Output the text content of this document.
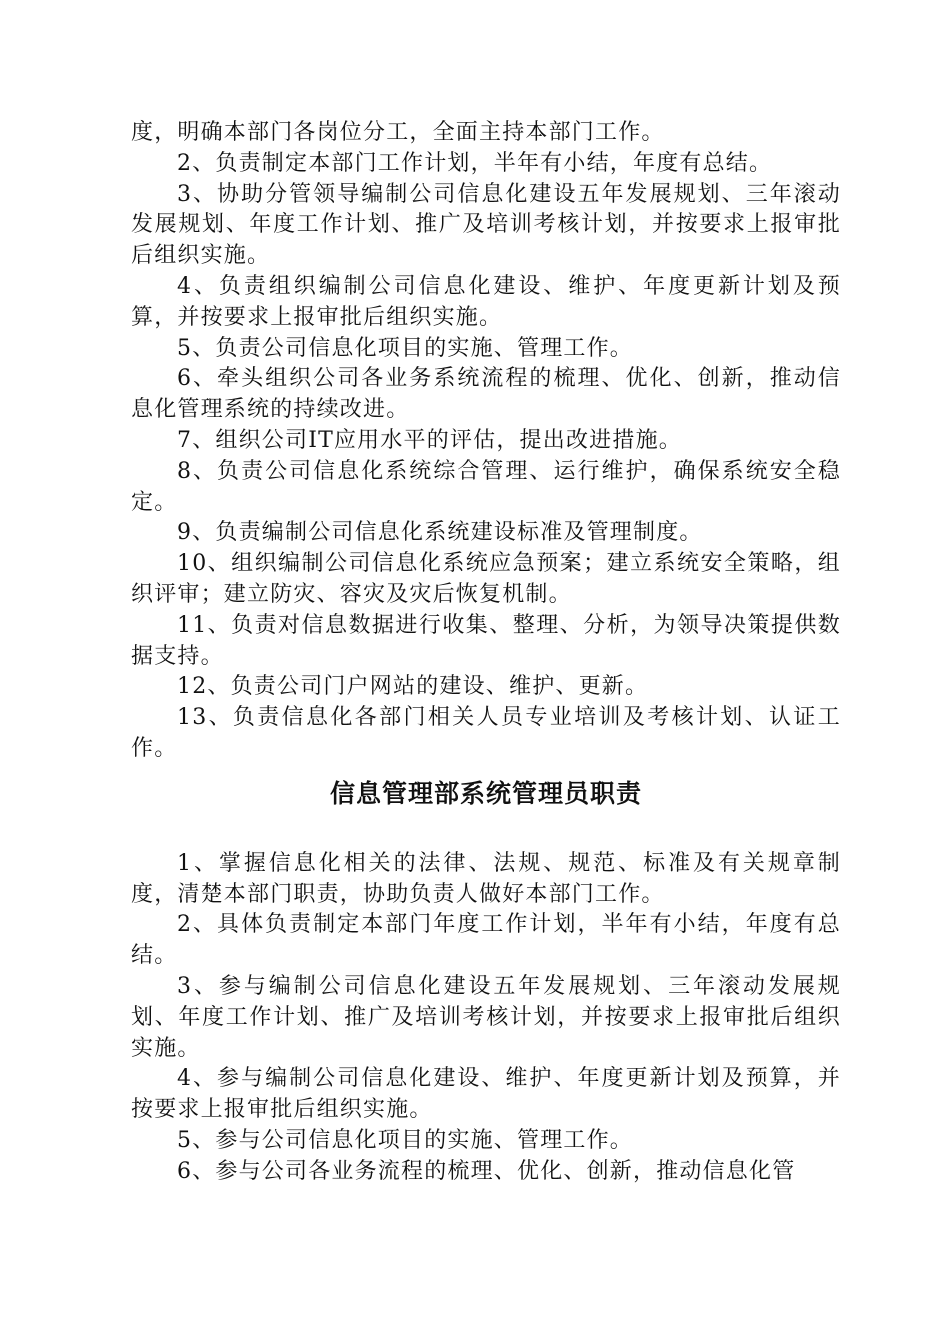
度，明确本部门各岗位分工，全面主持本部门工作。

2、负责制定本部门工作计划，半年有小结，年度有总结。

3、协助分管领导编制公司信息化建设五年发展规划、三年滚动发展规划、年度工作计划、推广及培训考核计划，并按要求上报审批后组织实施。

4、负责组织编制公司信息化建设、维护、年度更新计划及预算，并按要求上报审批后组织实施。

5、负责公司信息化项目的实施、管理工作。

6、牵头组织公司各业务系统流程的梳理、优化、创新，推动信息化管理系统的持续改进。

7、组织公司IT应用水平的评估，提出改进措施。

8、负责公司信息化系统综合管理、运行维护，确保系统安全稳定。

9、负责编制公司信息化系统建设标准及管理制度。

10、组织编制公司信息化系统应急预案；建立系统安全策略，组织评审；建立防灾、容灾及灾后恢复机制。

11、负责对信息数据进行收集、整理、分析，为领导决策提供数据支持。

12、负责公司门户网站的建设、维护、更新。

13、负责信息化各部门相关人员专业培训及考核计划、认证工作。

信息管理部系统管理员职责

1、掌握信息化相关的法律、法规、规范、标准及有关规章制度，清楚本部门职责，协助负责人做好本部门工作。

2、具体负责制定本部门年度工作计划，半年有小结，年度有总结。

3、参与编制公司信息化建设五年发展规划、三年滚动发展规划、年度工作计划、推广及培训考核计划，并按要求上报审批后组织实施。

4、参与编制公司信息化建设、维护、年度更新计划及预算，并按要求上报审批后组织实施。

5、参与公司信息化项目的实施、管理工作。

6、参与公司各业务流程的梳理、优化、创新，推动信息化管
